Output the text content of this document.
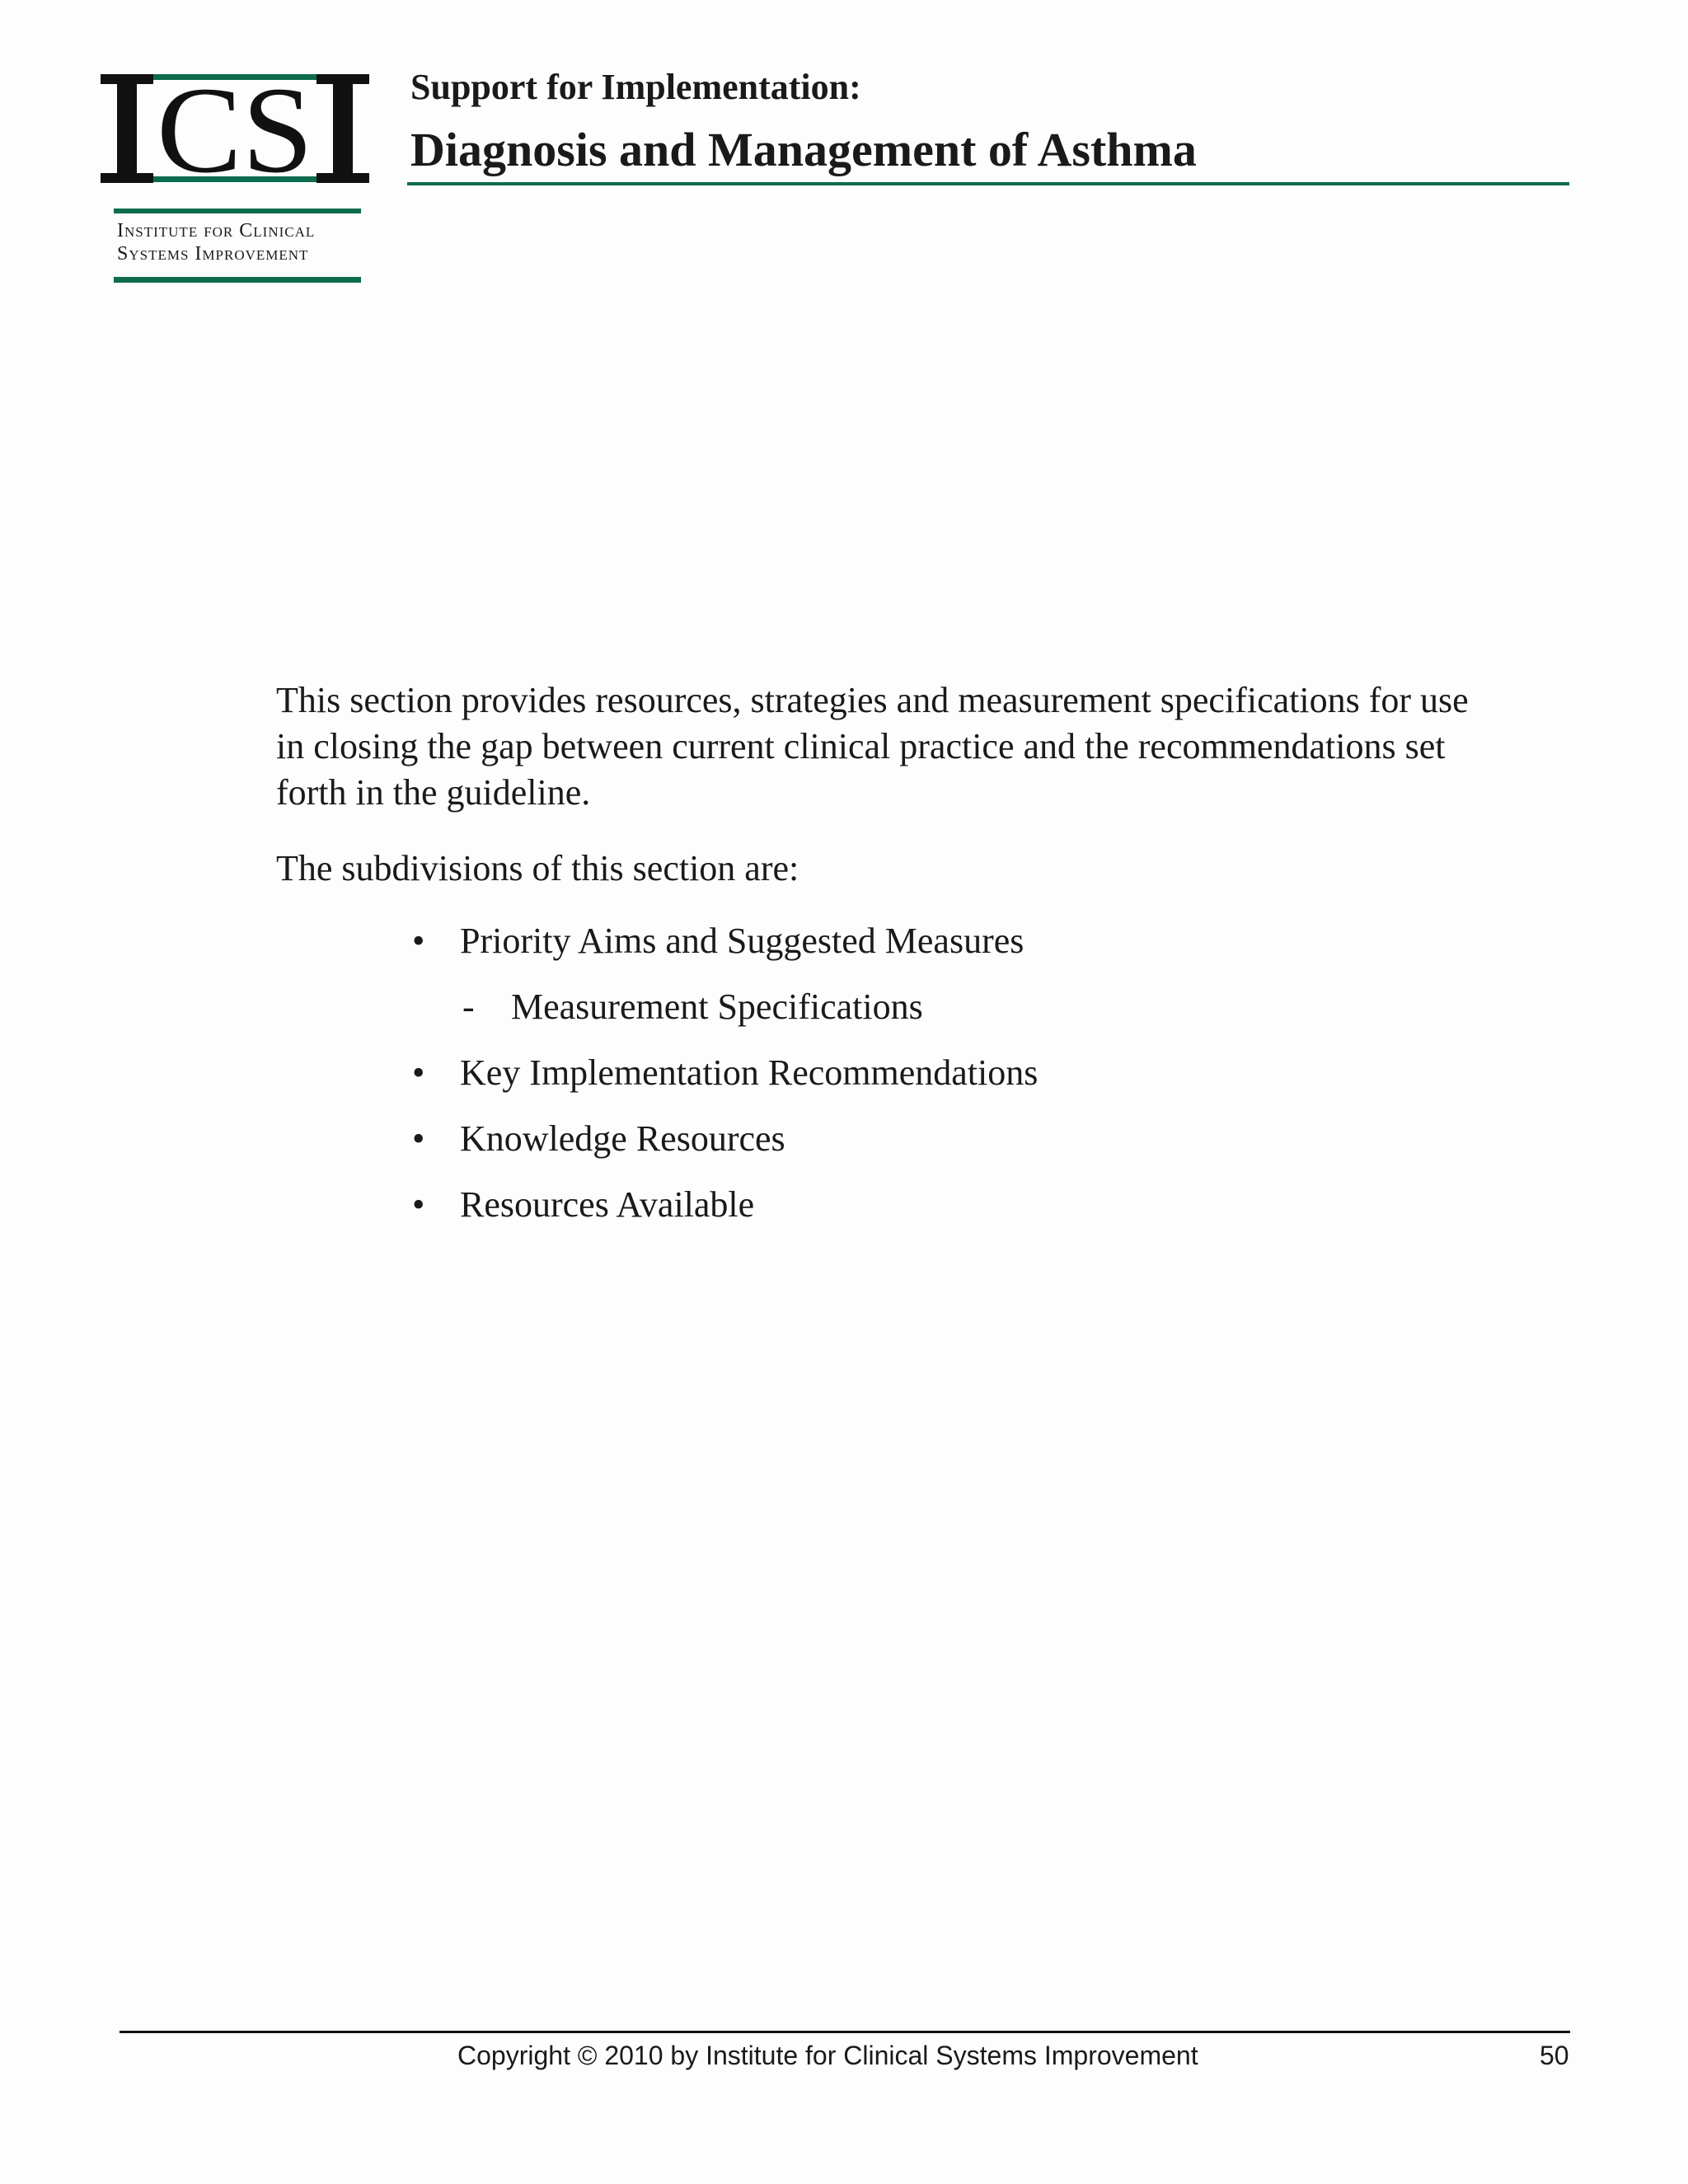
CS
Institute for Clinical
Systems Improvement
Support for Implementation:
Diagnosis and Management of Asthma

This section provides resources, strategies and measurement specifications for use in closing the gap between current clinical practice and the recommendations set forth in the guideline.

The subdivisions of this section are:

• Priority Aims and Suggested Measures
-	Measurement Specifications
• Key Implementation Recommendations
• Knowledge Resources
• Resources Available
Copyright © 2010 by Institute for Clinical Systems Improvement	50
